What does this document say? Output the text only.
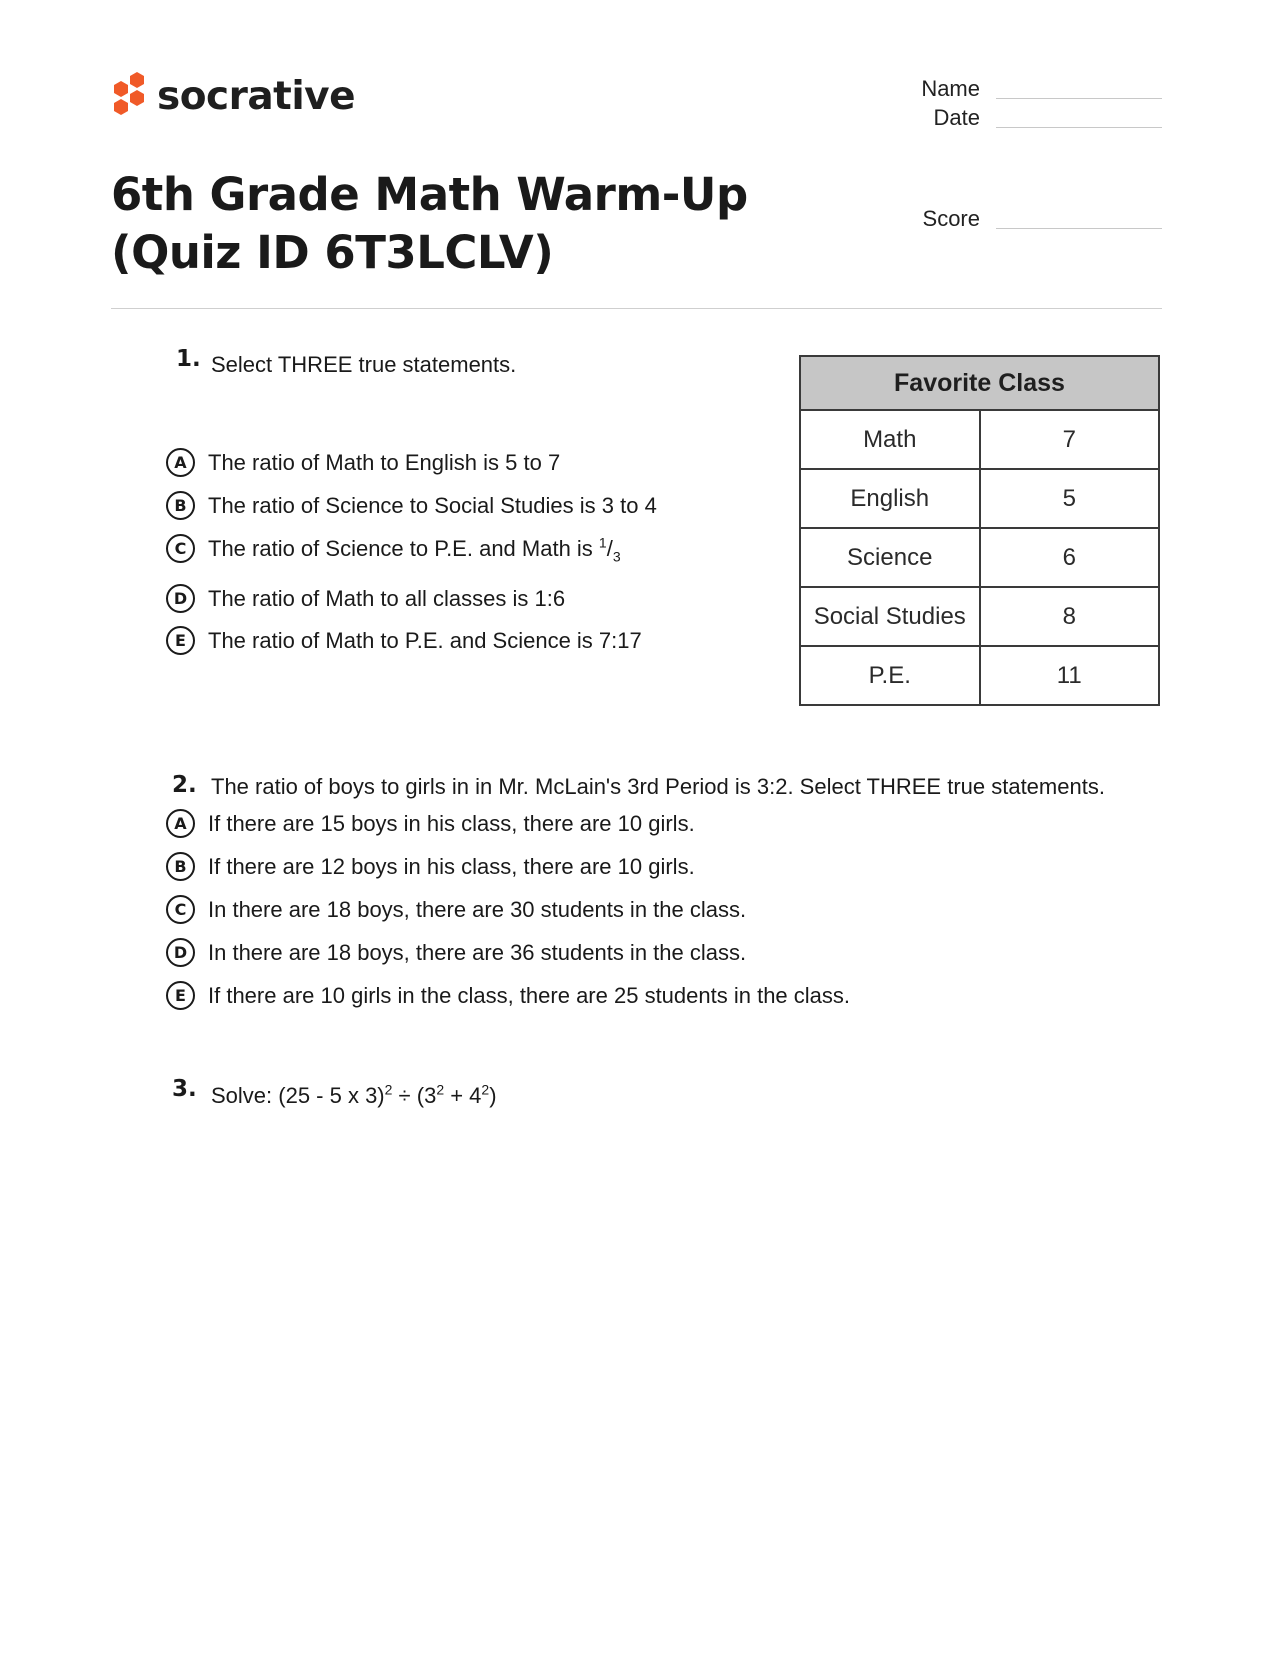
socrative	Name
Date
Score
6th Grade Math Warm-Up (Quiz ID 6T3LCLV)
1. Select THREE true statements.
A The ratio of Math to English is 5 to 7
B The ratio of Science to Social Studies is 3 to 4
C The ratio of Science to P.E. and Math is $^1/_3$
D The ratio of Math to all classes is 1:6
E	The ratio of Math to P.E. and Science is 7:17
Favorite Class	
Math	7
English	5
Science	6
Social Studies	8
P.E.	11
2. The ratio of boys to girls in in Mr. McLain's 3rd Period is 3:2. Select THREE true statements.
A If there are 15 boys in his class, there are 10 girls.
B If there are 12 boys in his class, there are 10 girls.
C In there are 18 boys, there are 30 students in the class.
D In there are 18 boys, there are 36 students in the class.
E	If there are 10 girls in the class, there are 25 students in the class.
3. Solve: (25 - 5 x $3)^2 \div (3^2 + 4^2)$
